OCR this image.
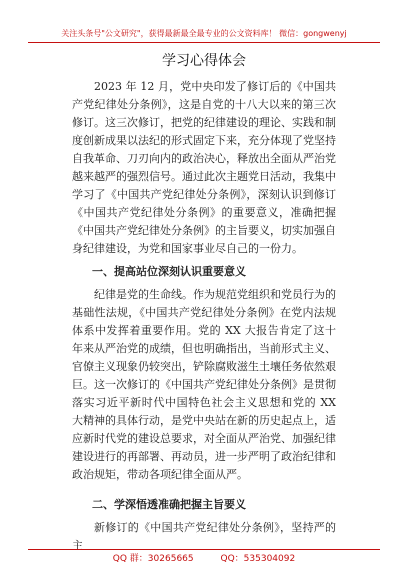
关注头条号"公文研究"，获得最新最全最专业的公文资料库！ 微信：gongwenyj
学习心得体会

2023 年 12 月，党中央印发了修订后的《中国共产党纪律处分条例》，这是自党的十八大以来的第三次修订。这三次修订，把党的纪律建设的理论、实践和制度创新成果以法纪的形式固定下来，充分体现了党坚持自我革命、刀刃向内的政治决心，释放出全面从严治党越来越严的强烈信号。通过此次主题党日活动，我集中学习了《中国共产党纪律处分条例》，深刻认识到修订《中国共产党纪律处分条例》的重要意义，准确把握《中国共产党纪律处分条例》的主旨要义，切实加强自身纪律建设，为党和国家事业尽自己的一份力。

一、提高站位深刻认识重要意义

纪律是党的生命线。作为规范党组织和党员行为的基础性法规，《中国共产党纪律处分条例》在党内法规体系中发挥着重要作用。党的 XX 大报告肯定了这十年来从严治党的成绩，但也明确指出，当前形式主义、官僚主义现象仍较突出，铲除腐败滋生土壤任务依然艰巨。这一次修订的《中国共产党纪律处分条例》是贯彻落实习近平新时代中国特色社会主义思想和党的 XX 大精神的具体行动，是党中央站在新的历史起点上，适应新时代党的建设总要求，对全面从严治党、加强纪律建设进行的再部署、再动员，进一步严明了政治纪律和政治规矩，带动各项纪律全面从严。

二、学深悟透准确把握主旨要义

新修订的《中国共产党纪律处分条例》，坚持严的主

QQ 群：30265665	QQ：535304092
